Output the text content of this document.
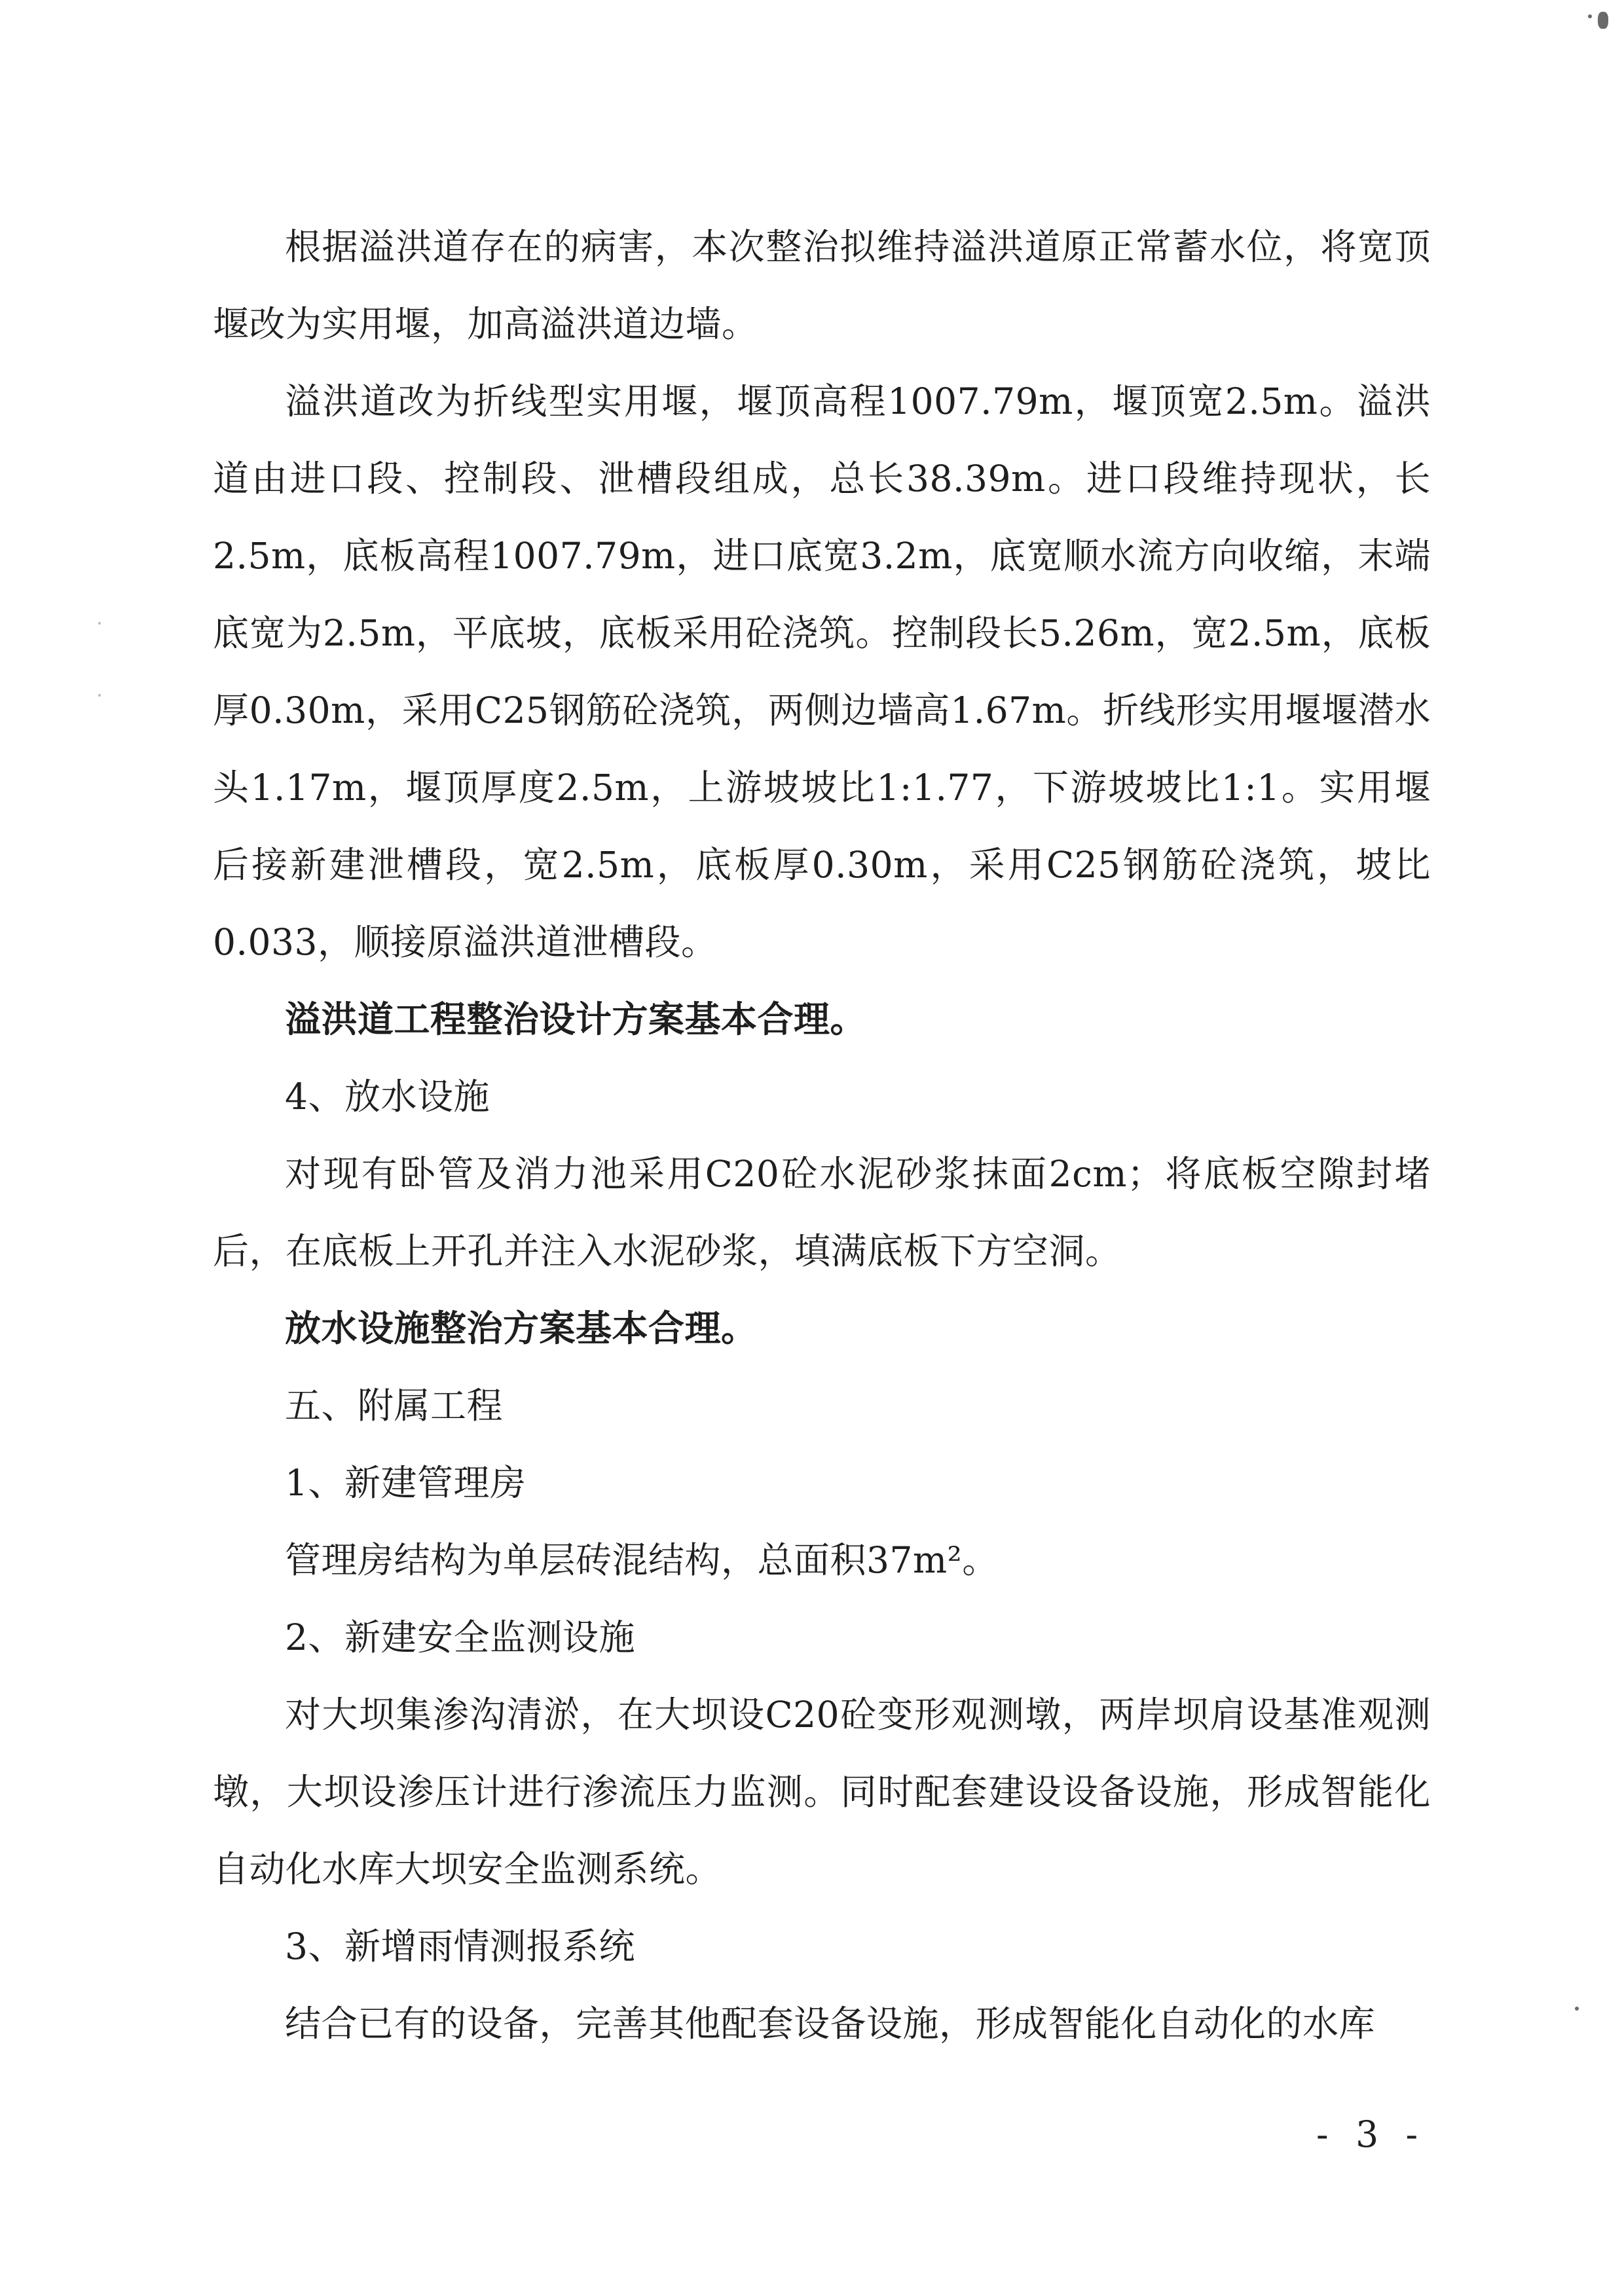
根据溢洪道存在的病害，本次整治拟维持溢洪道原正常蓄水位，将宽顶堰改为实用堰，加高溢洪道边墙。

溢洪道改为折线型实用堰，堰顶高程1007.79m，堰顶宽2.5m。溢洪道由进口段、控制段、泄槽段组成，总长38.39m。进口段维持现状，长2.5m，底板高程1007.79m，进口底宽3.2m，底宽顺水流方向收缩，末端底宽为2.5m，平底坡，底板采用砼浇筑。控制段长5.26m，宽2.5m，底板厚0.30m，采用C25钢筋砼浇筑，两侧边墙高1.67m。折线形实用堰堰潜水头1.17m，堰顶厚度2.5m，上游坡坡比1:1.77，下游坡坡比1:1。实用堰后接新建泄槽段，宽2.5m，底板厚0.30m，采用C25钢筋砼浇筑，坡比0.033，顺接原溢洪道泄槽段。

溢洪道工程整治设计方案基本合理。

4、放水设施

对现有卧管及消力池采用C20砼水泥砂浆抹面2cm；将底板空隙封堵后，在底板上开孔并注入水泥砂浆，填满底板下方空洞。

放水设施整治方案基本合理。

五、附属工程

1、新建管理房

管理房结构为单层砖混结构，总面积37m²。

2、新建安全监测设施

对大坝集渗沟清淤，在大坝设C20砼变形观测墩，两岸坝肩设基准观测墩，大坝设渗压计进行渗流压力监测。同时配套建设设备设施，形成智能化自动化水库大坝安全监测系统。

3、新增雨情测报系统

结合已有的设备，完善其他配套设备设施，形成智能化自动化的水库

- 3 -
